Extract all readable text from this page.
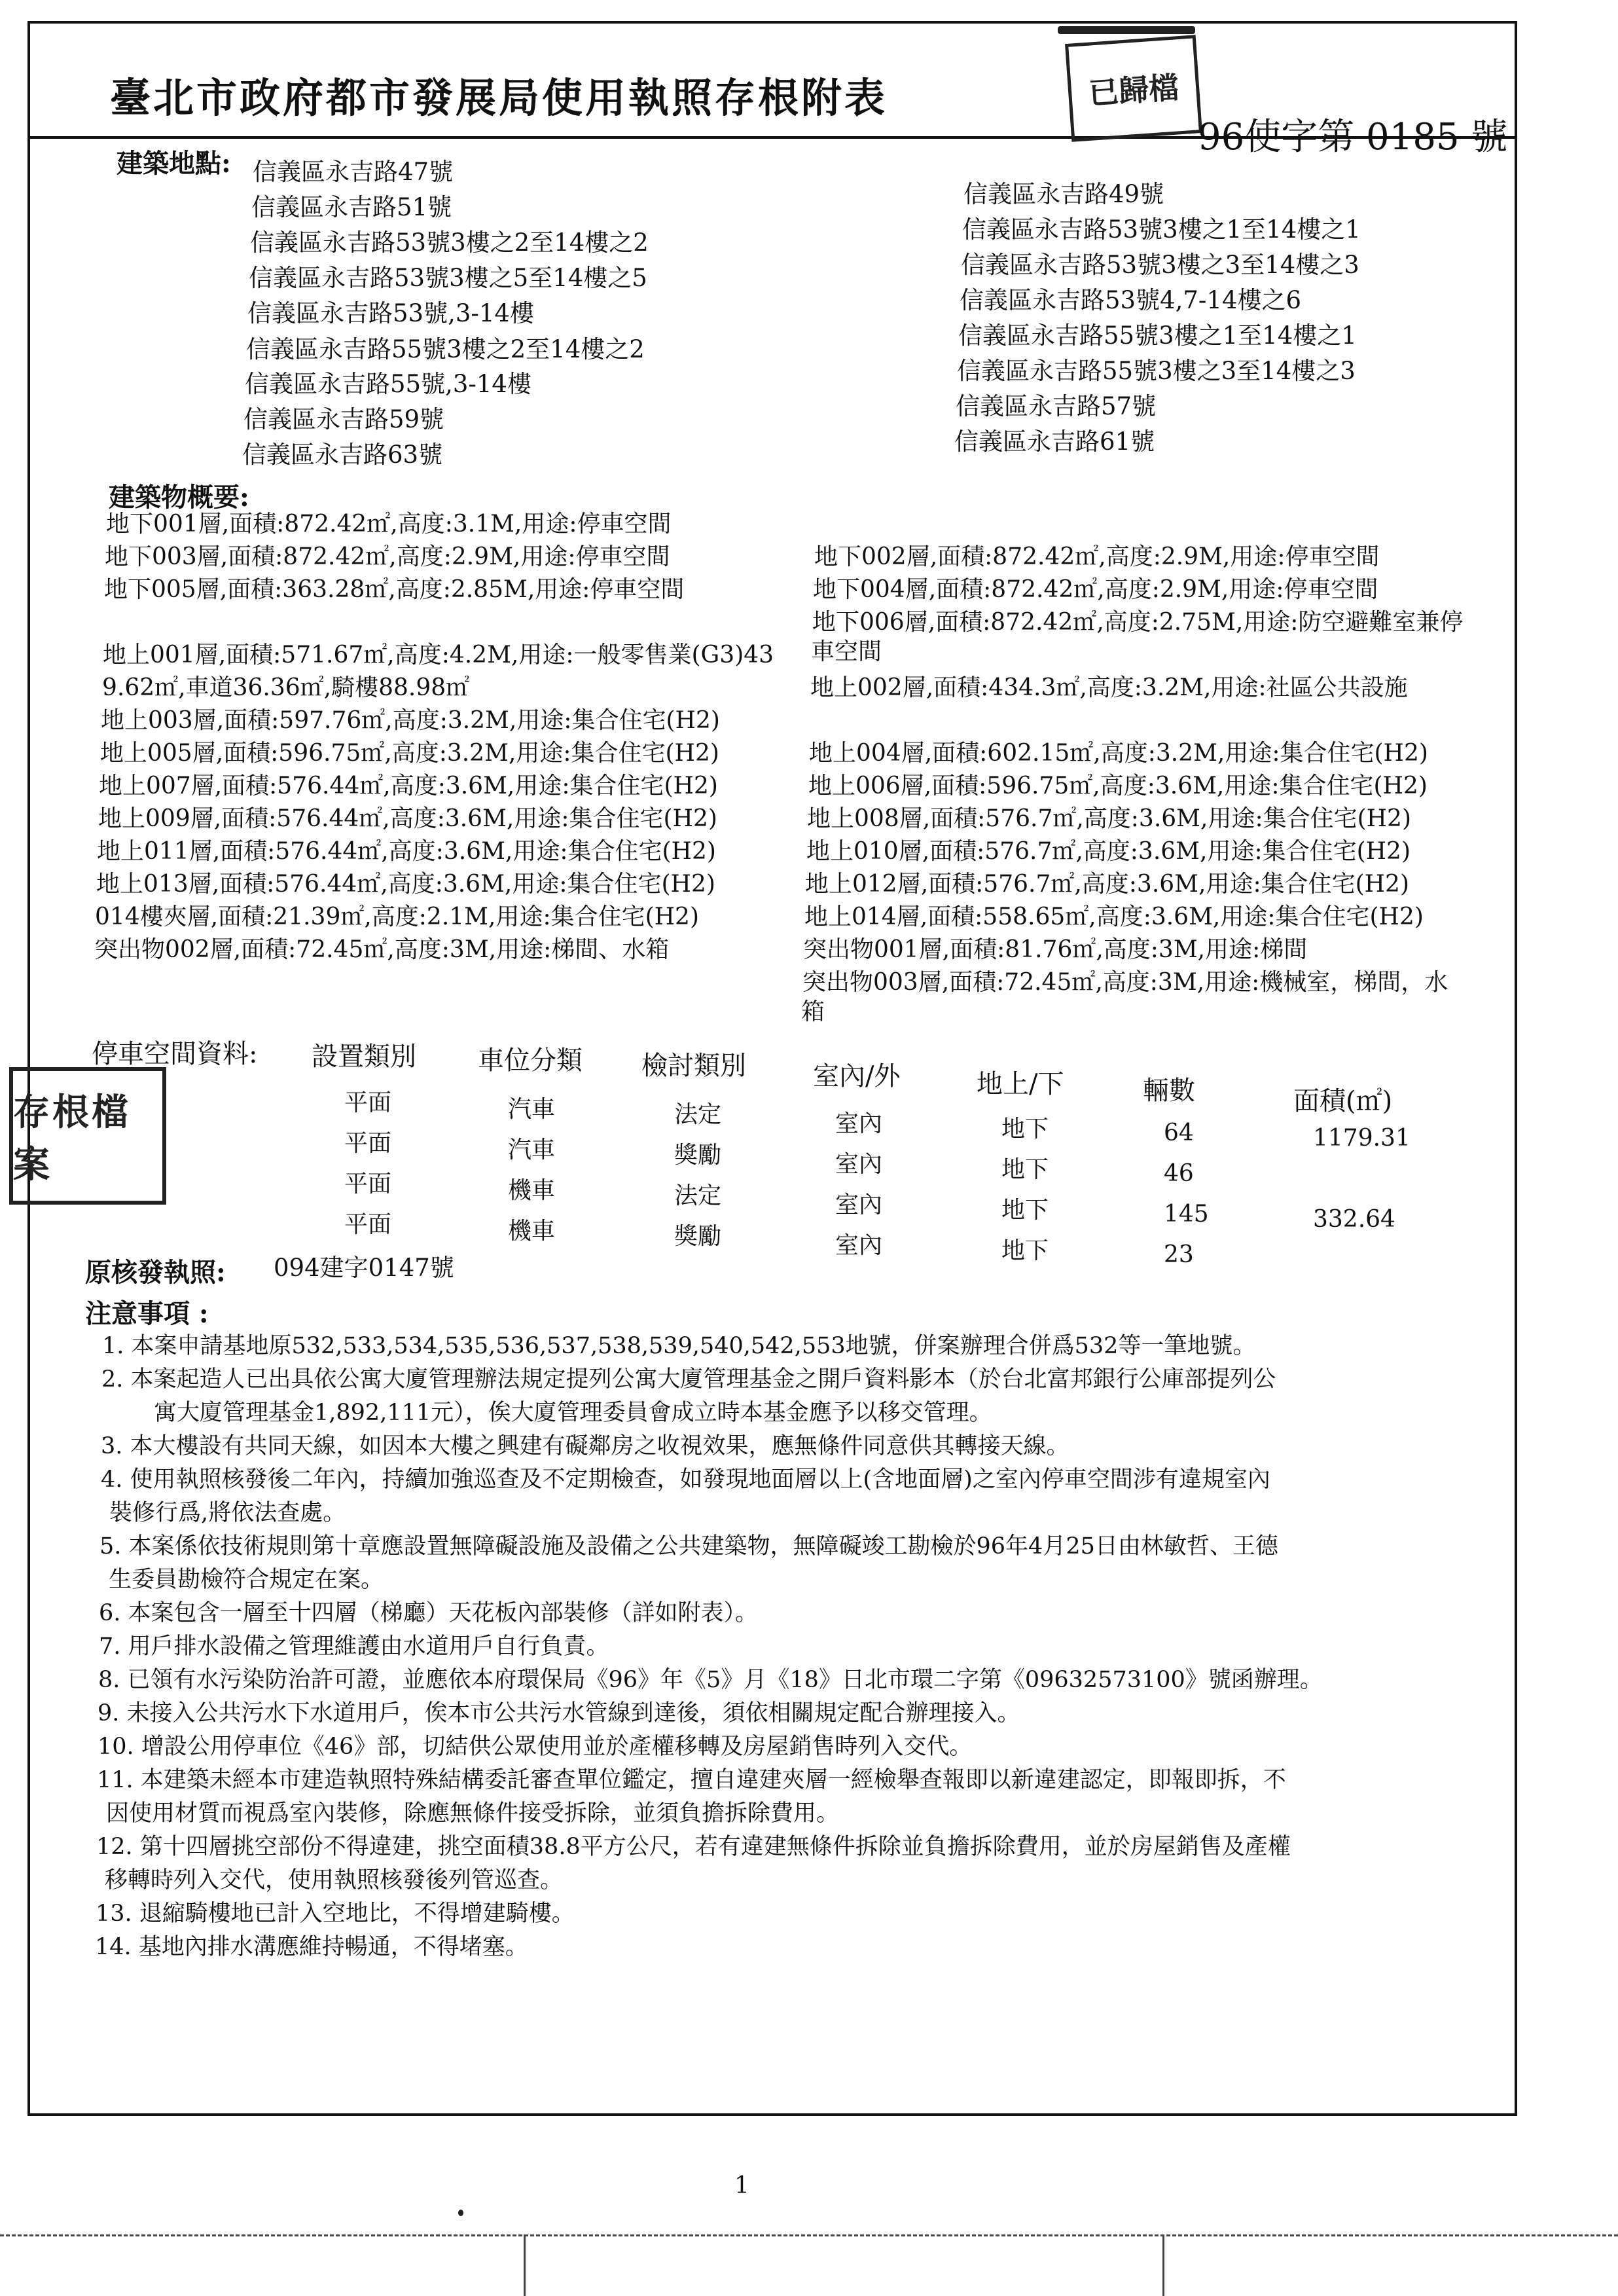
臺北市政府都市發展局使用執照存根附表	已歸檔
96使字第 0185 號
建築地點: 信義區永吉路47號
信義區永吉路51號
信義區永吉路53號3樓之2至14樓之2
信義區永吉路53號3樓之5至14樓之5
信義區永吉路53號,3-14樓
信義區永吉路55號3樓之2至14樓之2
信義區永吉路55號,3-14樓
信義區永吉路59號
信義區永吉路63號
信義區永吉路49號
信義區永吉路53號3樓之1至14樓之1
信義區永吉路53號3樓之3至14樓之3
信義區永吉路53號4,7-14樓之6
信義區永吉路55號3樓之1至14樓之1
信義區永吉路55號3樓之3至14樓之3
信義區永吉路57號
信義區永吉路61號
建築物概要:
地下001層,面積:872.42㎡,高度:3.1M,用途:停車空間
地下003層,面積:872.42㎡,高度:2.9M,用途:停車空間
地下005層,面積:363.28㎡,高度:2.85M,用途:停車空間
地上001層,面積:571.67㎡,高度:4.2M,用途:一般零售業(G3)43
9.62㎡,車道36.36㎡,騎樓88.98㎡
地上003層,面積:597.76㎡,高度:3.2M,用途:集合住宅(H2)
地上005層,面積:596.75㎡,高度:3.2M,用途:集合住宅(H2)
地上007層,面積:576.44㎡,高度:3.6M,用途:集合住宅(H2)
地上009層,面積:576.44㎡,高度:3.6M,用途:集合住宅(H2)
地上011層,面積:576.44㎡,高度:3.6M,用途:集合住宅(H2)
地上013層,面積:576.44㎡,高度:3.6M,用途:集合住宅(H2)
014樓夾層,面積:21.39㎡,高度:2.1M,用途:集合住宅(H2)
突出物002層,面積:72.45㎡,高度:3M,用途:梯間、水箱
地下002層,面積:872.42㎡,高度:2.9M,用途:停車空間
地下004層,面積:872.42㎡,高度:2.9M,用途:停車空間
地下006層,面積:872.42㎡,高度:2.75M,用途:防空避難室兼停
車空間
地上002層,面積:434.3㎡,高度:3.2M,用途:社區公共設施
地上004層,面積:602.15㎡,高度:3.2M,用途:集合住宅(H2)
地上006層,面積:596.75㎡,高度:3.6M,用途:集合住宅(H2)
地上008層,面積:576.7㎡,高度:3.6M,用途:集合住宅(H2)
地上010層,面積:576.7㎡,高度:3.6M,用途:集合住宅(H2)
地上012層,面積:576.7㎡,高度:3.6M,用途:集合住宅(H2)
地上014層,面積:558.65㎡,高度:3.6M,用途:集合住宅(H2)
突出物001層,面積:81.76㎡,高度:3M,用途:梯間
突出物003層,面積:72.45㎡,高度:3M,用途:機械室，梯間，水
箱
存根檔案
停車空間資料: 設置類別 車位分類 檢討類別	室內/外	地上/下	輛數	面積(㎡)
平面	汽車	法定	室內	地下	64	1179.31
平面	汽車	獎勵	室內	地下	46
平面	機車	法定	室內	地下	145	332.64
平面	機車	獎勵	室內	地下	23
原核發執照: 094建字0147號
注意事項 :
1. 本案申請基地原532,533,534,535,536,537,538,539,540,542,553地號，併案辦理合併爲532等一筆地號。
2. 本案起造人已出具依公寓大廈管理辦法規定提列公寓大廈管理基金之開戶資料影本（於台北富邦銀行公庫部提列公
寓大廈管理基金1,892,111元），俟大廈管理委員會成立時本基金應予以移交管理。
3. 本大樓設有共同天線，如因本大樓之興建有礙鄰房之收視效果，應無條件同意供其轉接天線。
4. 使用執照核發後二年內，持續加強巡查及不定期檢查，如發現地面層以上(含地面層)之室內停車空間涉有違規室內
裝修行爲,將依法查處。
5. 本案係依技術規則第十章應設置無障礙設施及設備之公共建築物，無障礙竣工勘檢於96年4月25日由林敏哲、王德
生委員勘檢符合規定在案。
6. 本案包含一層至十四層（梯廳）天花板內部裝修（詳如附表）。
7. 用戶排水設備之管理維護由水道用戶自行負責。
8. 已領有水污染防治許可證，並應依本府環保局《96》年《5》月《18》日北市環二字第《09632573100》號函辦理。
9. 未接入公共污水下水道用戶，俟本市公共污水管線到達後，須依相關規定配合辦理接入。
10. 增設公用停車位《46》部，切結供公眾使用並於產權移轉及房屋銷售時列入交代。
11. 本建築未經本市建造執照特殊結構委託審查單位鑑定，擅自違建夾層一經檢舉查報即以新違建認定，即報即拆，不
因使用材質而視爲室內裝修，除應無條件接受拆除，並須負擔拆除費用。
12. 第十四層挑空部份不得違建，挑空面積38.8平方公尺，若有違建無條件拆除並負擔拆除費用，並於房屋銷售及產權
移轉時列入交代，使用執照核發後列管巡查。
13. 退縮騎樓地已計入空地比，不得增建騎樓。
14. 基地內排水溝應維持暢通，不得堵塞。
1
